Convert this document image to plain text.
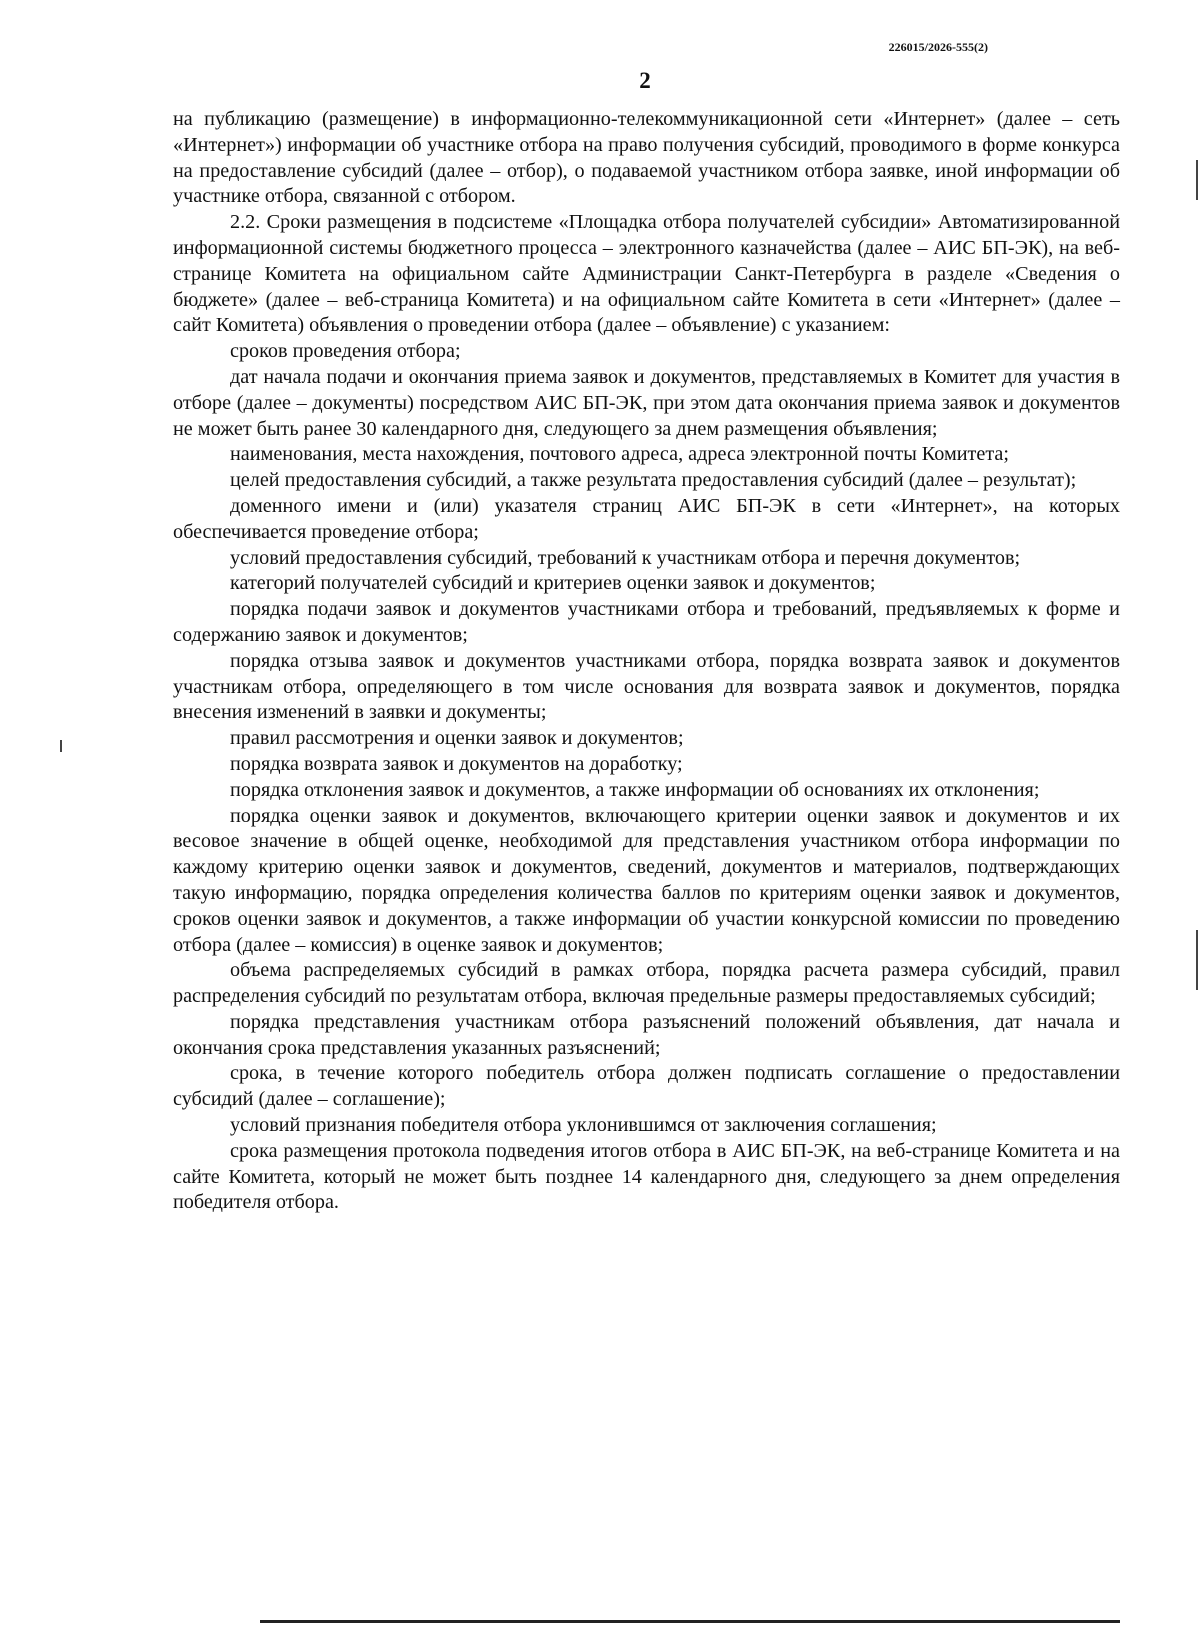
226015/2026-555(2)
2

на публикацию (размещение) в информационно-телекоммуникационной сети «Интернет» (далее – сеть «Интернет») информации об участнике отбора на право получения субсидий, проводимого в форме конкурса на предоставление субсидий (далее – отбор), о подаваемой участником отбора заявке, иной информации об участнике отбора, связанной с отбором.

2.2. Сроки размещения в подсистеме «Площадка отбора получателей субсидии» Автоматизированной информационной системы бюджетного процесса – электронного казначейства (далее – АИС БП-ЭК), на веб-странице Комитета на официальном сайте Администрации Санкт-Петербурга в разделе «Сведения о бюджете» (далее – веб-страница Комитета) и на официальном сайте Комитета в сети «Интернет» (далее – сайт Комитета) объявления о проведении отбора (далее – объявление) с указанием:

сроков проведения отбора;

дат начала подачи и окончания приема заявок и документов, представляемых в Комитет для участия в отборе (далее – документы) посредством АИС БП-ЭК, при этом дата окончания приема заявок и документов не может быть ранее 30 календарного дня, следующего за днем размещения объявления;

наименования, места нахождения, почтового адреса, адреса электронной почты Комитета;

целей предоставления субсидий, а также результата предоставления субсидий (далее – результат);

доменного имени и (или) указателя страниц АИС БП-ЭК в сети «Интернет», на которых обеспечивается проведение отбора;

условий предоставления субсидий, требований к участникам отбора и перечня документов;

категорий получателей субсидий и критериев оценки заявок и документов;

порядка подачи заявок и документов участниками отбора и требований, предъявляемых к форме и содержанию заявок и документов;

порядка отзыва заявок и документов участниками отбора, порядка возврата заявок и документов участникам отбора, определяющего в том числе основания для возврата заявок и документов, порядка внесения изменений в заявки и документы;

правил рассмотрения и оценки заявок и документов;

порядка возврата заявок и документов на доработку;

порядка отклонения заявок и документов, а также информации об основаниях их отклонения;

порядка оценки заявок и документов, включающего критерии оценки заявок и документов и их весовое значение в общей оценке, необходимой для представления участником отбора информации по каждому критерию оценки заявок и документов, сведений, документов и материалов, подтверждающих такую информацию, порядка определения количества баллов по критериям оценки заявок и документов, сроков оценки заявок и документов, а также информации об участии конкурсной комиссии по проведению отбора (далее – комиссия) в оценке заявок и документов;

объема распределяемых субсидий в рамках отбора, порядка расчета размера субсидий, правил распределения субсидий по результатам отбора, включая предельные размеры предоставляемых субсидий;

порядка представления участникам отбора разъяснений положений объявления, дат начала и окончания срока представления указанных разъяснений;

срока, в течение которого победитель отбора должен подписать соглашение о предоставлении субсидий (далее – соглашение);

условий признания победителя отбора уклонившимся от заключения соглашения;

срока размещения протокола подведения итогов отбора в АИС БП-ЭК, на веб-странице Комитета и на сайте Комитета, который не может быть позднее 14 календарного дня, следующего за днем определения победителя отбора.
